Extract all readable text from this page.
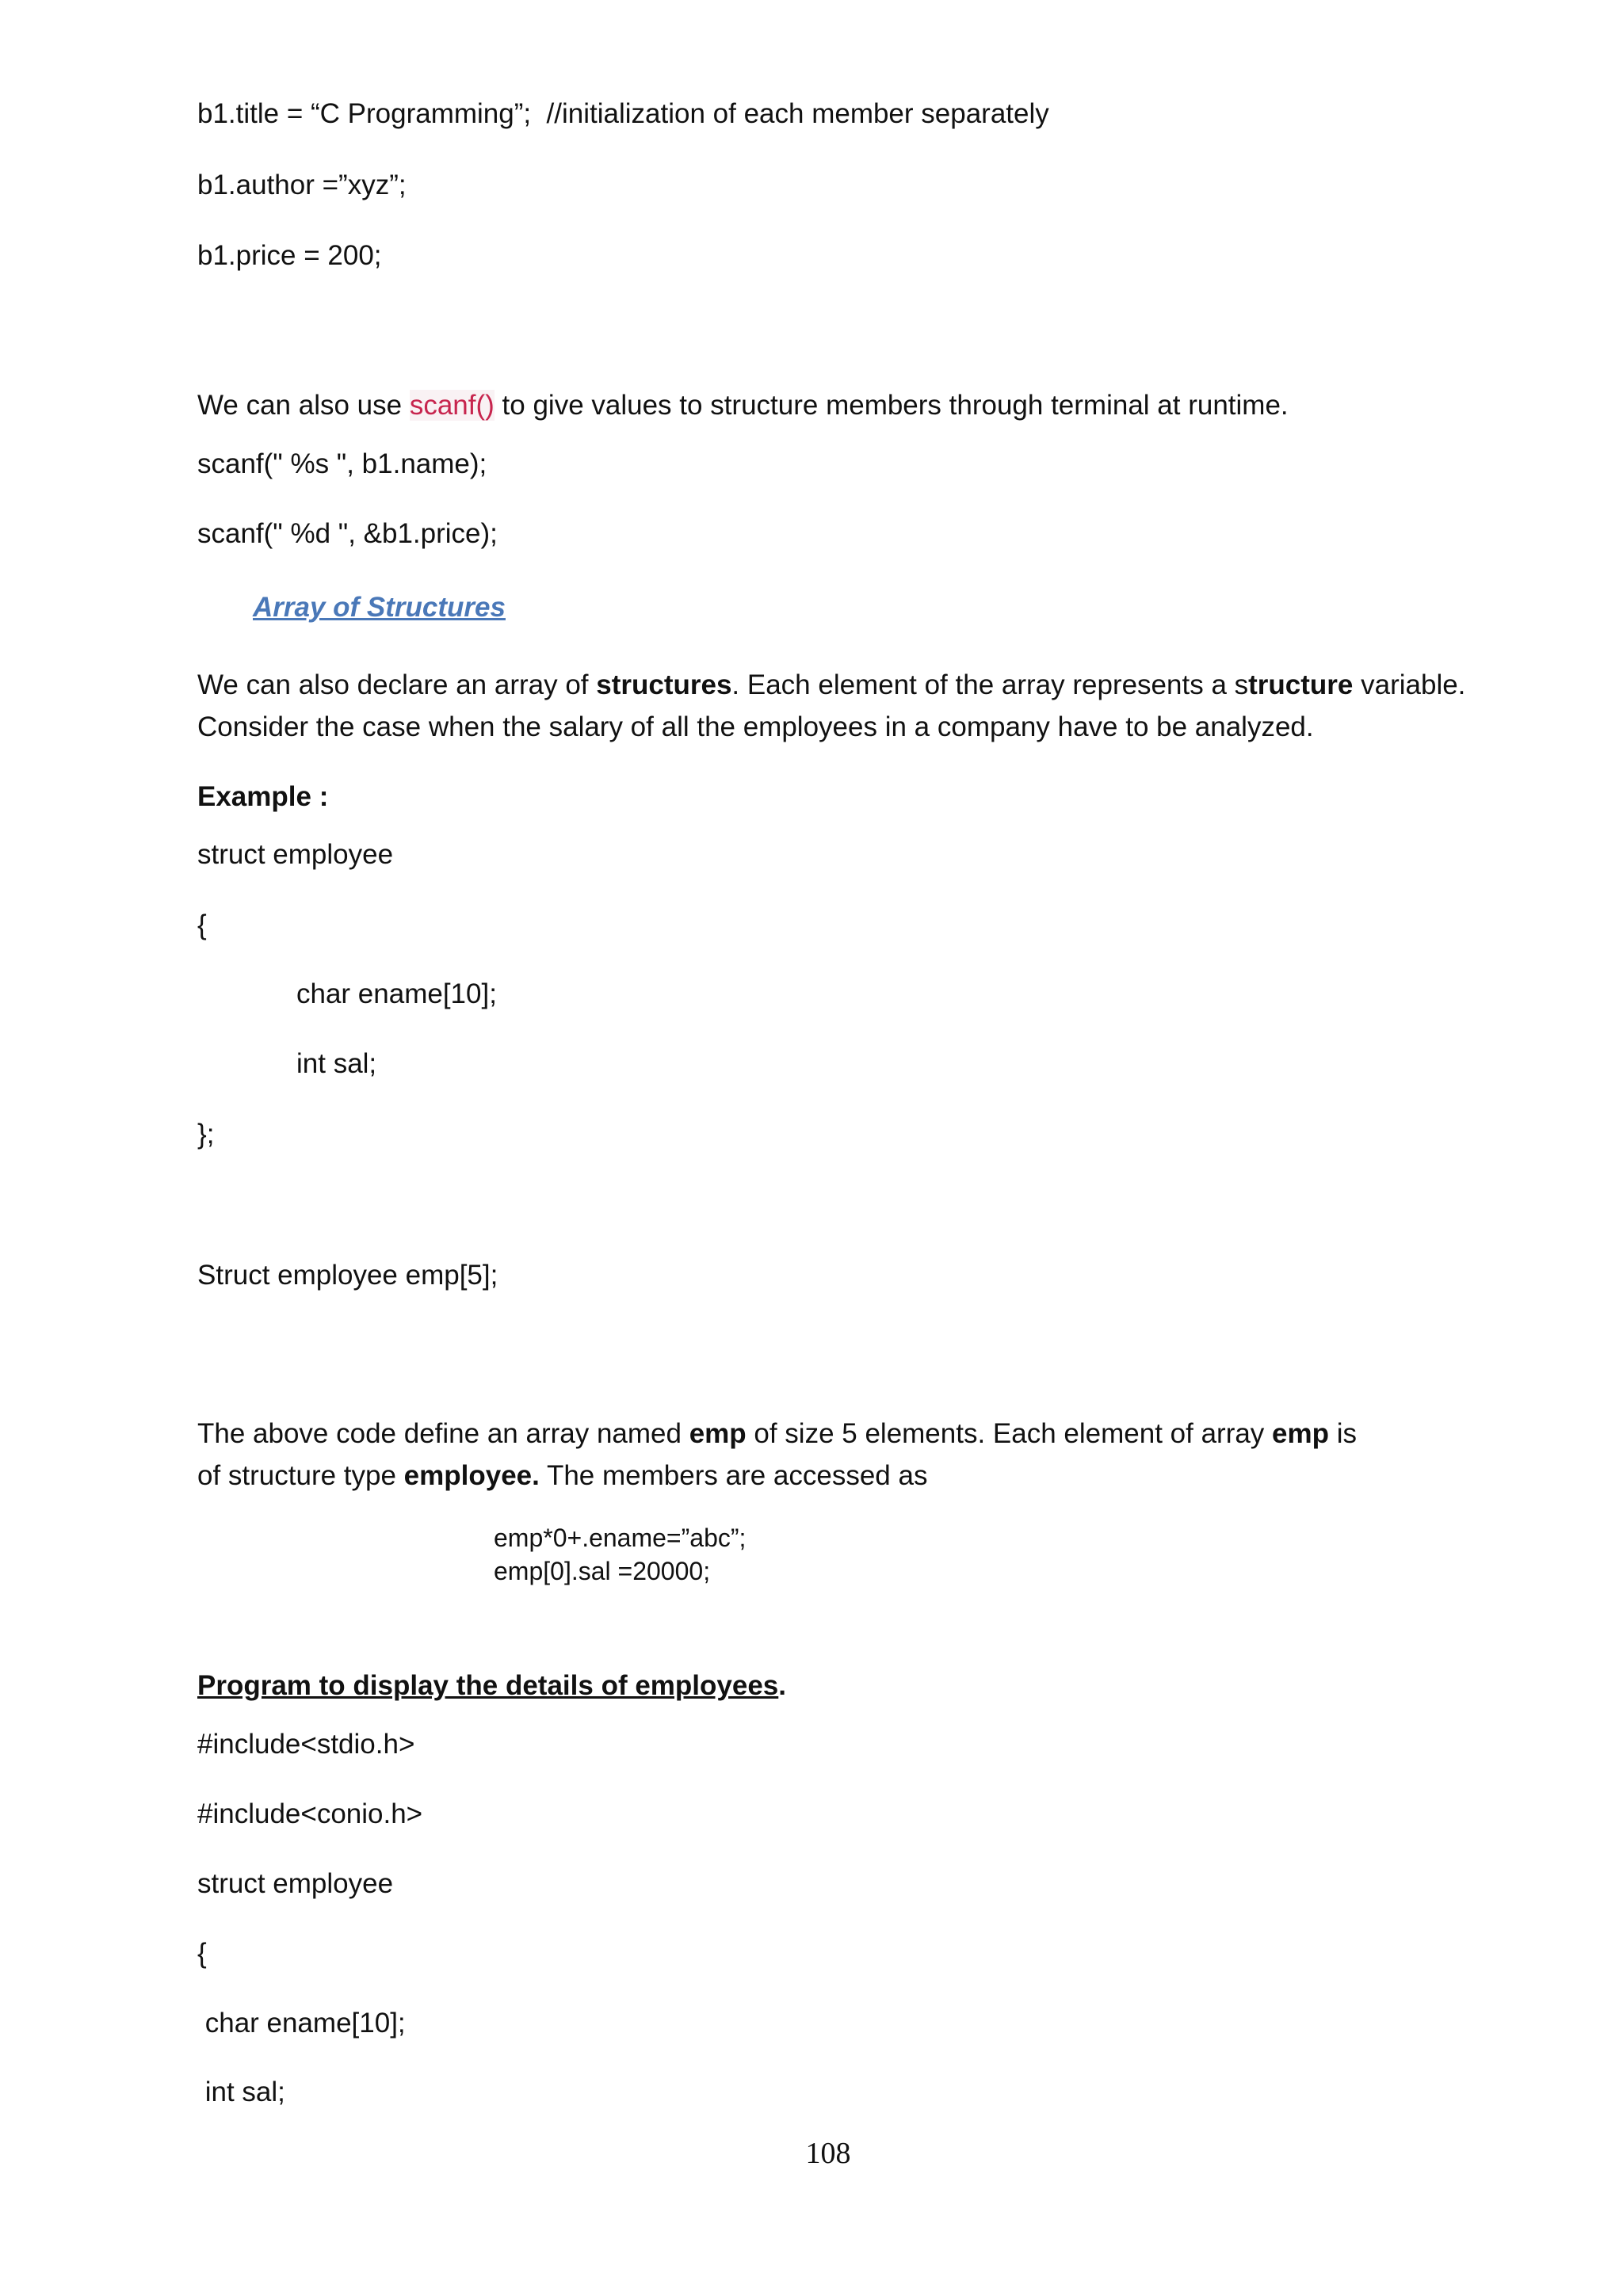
b1.title = “C Programming”;  //initialization of each member separately
b1.author =”xyz”;
b1.price = 200;
We can also use scanf() to give values to structure members through terminal at runtime.
scanf(" %s ", b1.name);
scanf(" %d ", &b1.price);
Array of Structures
We can also declare an array of structures. Each element of the array represents a structure variable.
Consider the case when the salary of all the employees in a company have to be analyzed.
Example :
struct employee
{
char ename[10];
int sal;
};
Struct employee emp[5];
The above code define an array named emp of size 5 elements. Each element of array emp is
of structure type employee. The members are accessed as
emp*0+.ename=”abc”;
emp[0].sal =20000;
Program to display the details of employees.
#include<stdio.h>
#include<conio.h>
struct employee
{
char ename[10];
int sal;
108
